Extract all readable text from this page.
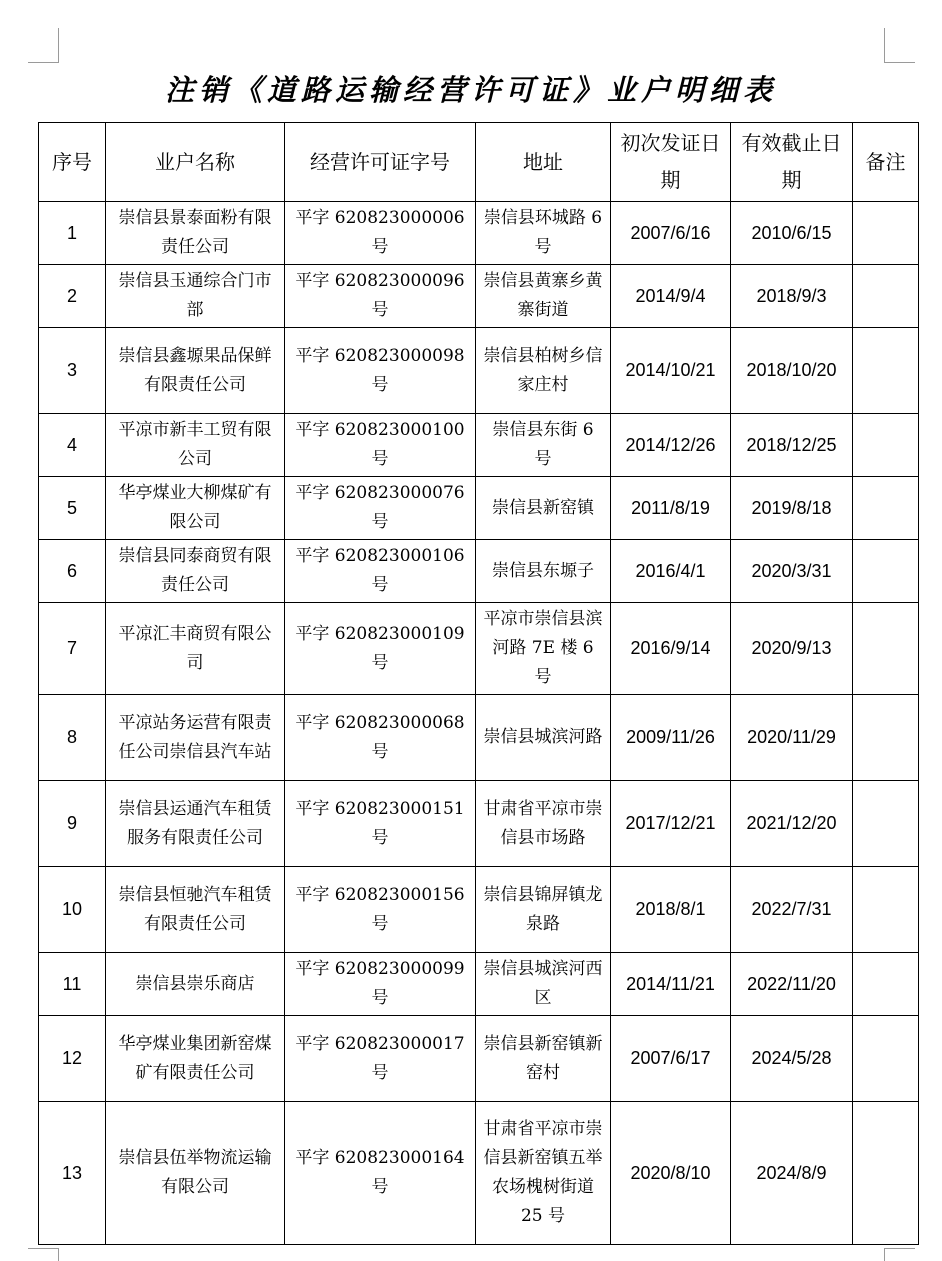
注销《道路运输经营许可证》业户明细表
序号	业户名称	经营许可证字号	地址	初次发证日期	有效截止日期	备注
1	崇信县景泰面粉有限责任公司	平字 620823000006 号	崇信县环城路 6 号	2007/6/16	2010/6/15	
2	崇信县玉通综合门市部	平字 620823000096 号	崇信县黄寨乡黄寨街道	2014/9/4	2018/9/3	
3	崇信县鑫塬果品保鲜有限责任公司	平字 620823000098 号	崇信县柏树乡信家庄村	2014/10/21	2018/10/20	
4	平凉市新丰工贸有限公司	平字 620823000100 号	崇信县东街 6 号	2014/12/26	2018/12/25	
5	华亭煤业大柳煤矿有限公司	平字 620823000076 号	崇信县新窑镇	2011/8/19	2019/8/18	
6	崇信县同泰商贸有限责任公司	平字 620823000106 号	崇信县东塬子	2016/4/1	2020/3/31	
7	平凉汇丰商贸有限公司	平字 620823000109 号	平凉市崇信县滨河路 7E 楼 6 号	2016/9/14	2020/9/13	
8	平凉站务运营有限责任公司崇信县汽车站	平字 620823000068 号	崇信县城滨河路	2009/11/26	2020/11/29	
9	崇信县运通汽车租赁服务有限责任公司	平字 620823000151 号	甘肃省平凉市崇信县市场路	2017/12/21	2021/12/20	
10	崇信县恒驰汽车租赁有限责任公司	平字 620823000156 号	崇信县锦屏镇龙泉路	2018/8/1	2022/7/31	
11	崇信县崇乐商店	平字 620823000099 号	崇信县城滨河西区	2014/11/21	2022/11/20	
12	华亭煤业集团新窑煤矿有限责任公司	平字 620823000017 号	崇信县新窑镇新窑村	2007/6/17	2024/5/28	
13	崇信县伍举物流运输有限公司	平字 620823000164 号	甘肃省平凉市崇信县新窑镇五举农场槐树街道 25 号	2020/8/10	2024/8/9	
